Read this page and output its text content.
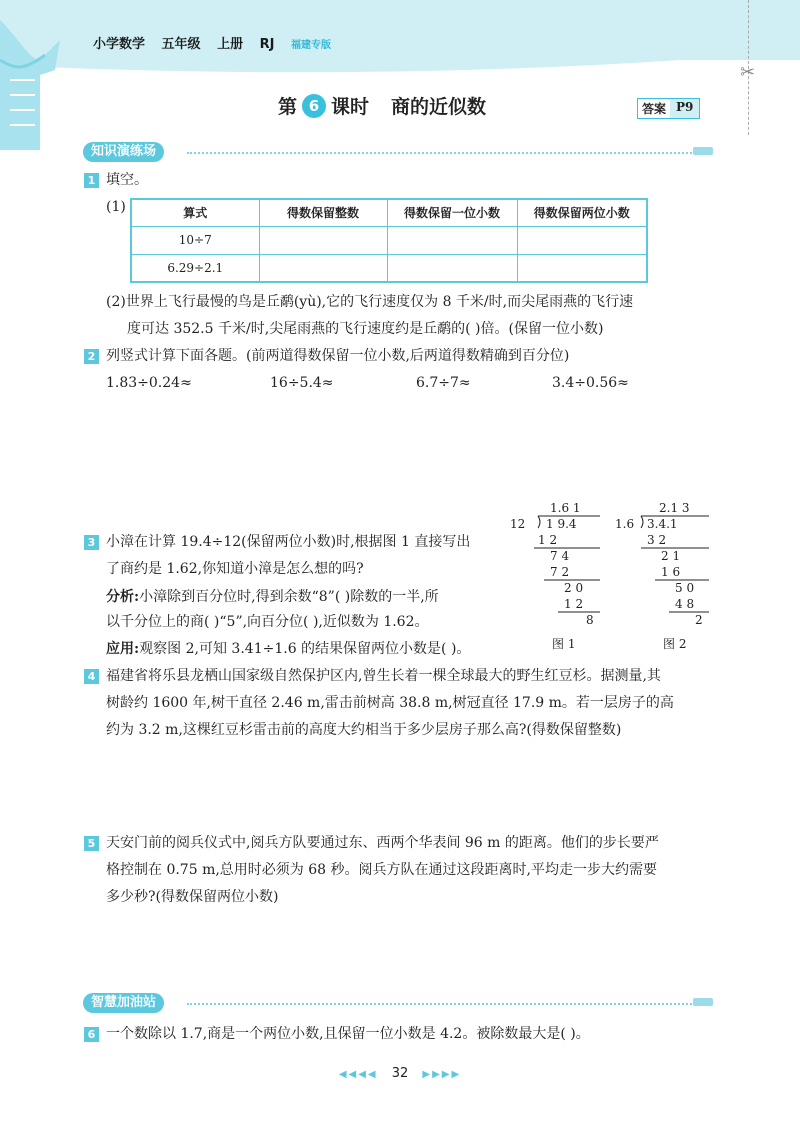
小学数学 五年级 上册 RJ 福建专版
✂
第 6 课时 商的近似数	答案 P9
知识演练场
1 填空。
(1)	算式	得数保留整数	得数保留一位小数	得数保留两位小数
10÷7			
6.29÷2.1			
(2)世界上飞行最慢的鸟是丘鹬(yù),它的飞行速度仅为 8 千米/时,而尖尾雨燕的飞行速
度可达 352.5 千米/时,尖尾雨燕的飞行速度约是丘鹬的( )倍。(保留一位小数)
2 列竖式计算下面各题。(前两道得数保留一位小数,后两道得数精确到百分位)
1.83÷0.24≈	16÷5.4≈	6.7÷7≈	3.4÷0.56≈
3 小漳在计算 19.4÷12(保留两位小数)时,根据图 1 直接写出
了商约是 1.62,你知道小漳是怎么想的吗?
分析:小漳除到百分位时,得到余数“8”( )除数的一半,所
以千分位上的商( )“5”,向百分位( ),近似数为 1.62。
应用:观察图 2,可知 3.41÷1.6 的结果保留两位小数是( )。
1.6 1
12 1 9.4
1 2
7 4
7 2
2 0
1 2
8
图 1
2.1 3
1.6 3.4.1
3 2
2 1
1 6
5 0
4 8
2
图 2
4 福建省将乐县龙栖山国家级自然保护区内,曾生长着一棵全球最大的野生红豆杉。据测量,其
树龄约 1600 年,树干直径 2.46 m,雷击前树高 38.8 m,树冠直径 17.9 m。若一层房子的高
约为 3.2 m,这棵红豆杉雷击前的高度大约相当于多少层房子那么高?(得数保留整数)
5 天安门前的阅兵仪式中,阅兵方队要通过东、西两个华表间 96 m 的距离。他们的步长要严
格控制在 0.75 m,总用时必须为 68 秒。阅兵方队在通过这段距离时,平均走一步大约需要
多少秒?(得数保留两位小数)
智慧加油站
6 一个数除以 1.7,商是一个两位小数,且保留一位小数是 4.2。被除数最大是( )。
◀◀◀◀ 32 ▶▶▶▶
